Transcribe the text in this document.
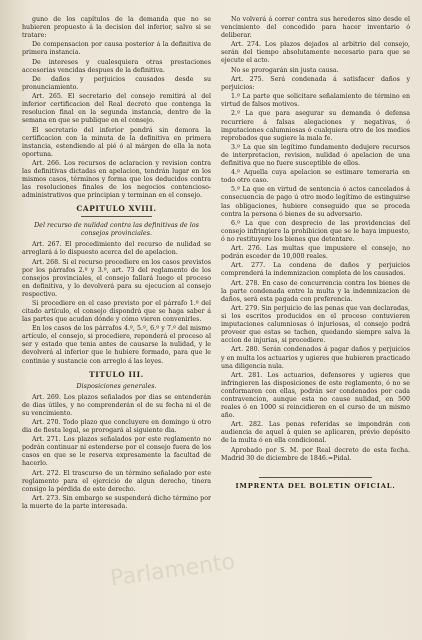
guno de los capítulos de la demanda que no se hubieren propuesto á la decision del inferior, salvo si se tratare:

De compensacion por causa posterior á la definitiva de primera instancia.

De intereses y cualesquiera otras prestaciones accesorias vencidas despues de la definitiva.

De daños y perjuicios causados desde su pronunciamiento.

Art. 265. El secretario del consejo remitirá al del inferior certificacion del Real decreto que contenga la resolucion final en la segunda instancia, dentro de la semana en que se publique en el consejo.

El secretario del inferior pondrá sin demora la certificacion con la minuta de la definitiva en primera instancia, estendiendo al pié ó al márgen de ella la nota oportuna.

Art. 266. Los recursos de aclaracion y revision contra las definitivas dictadas en apelacion, tendrán lugar en los mismos casos, términos y forma que los deducidos contra las resoluciones finales de los negocios contencioso-administrativos que principian y terminan en el consejo.

CAPITULO XVIII.
Del recurso de nulidad contra las definitivas de los consejos provinciales.

Art. 267. El procedimiento del recurso de nulidad se arreglará á lo dispuesto acerca del de apelacion.

Art. 268. Si el recurso procediere en los casos previstos por los párrafos 2.º y 3.º, art. 73 del reglamento de los consejos provinciales, el consejo fallará luego el proceso en definitiva, y lo devolverá para su ejecucion al consejo respectivo.

Si procediere en el caso previsto por el párrafo 1.º del citado artículo, el consejo dispondrá que se haga saber á las partes que acudan dónde y cómo vieren convenirles.

En los casos de los párrafos 4.º, 5.º, 6.º y 7.º del mismo artículo, el consejo, si procediere, reponderá el proceso al ser y estado que tenia antes de causarse la nulidad, y le devolverá al inferior que le hubiere formado, para que le continúe y sustancie con arreglo á las leyes.

TITULO III.
Disposiciones generales.

Art. 269. Los plazos señalados por dias se entenderán de dias útiles, y no comprenderán el de su fecha ni el de su vencimiento.

Art. 270. Todo plazo que concluyere en domingo ú otro dia de fiesta legal, se prorogará al siguiente dia.

Art. 271. Los plazos señalados por este reglamento no podrán continuar ni estenderse por el consejo fuera de los casos en que se le reserva expresamente la facultad de hacerlo.

Art. 272. El trascurso de un término señalado por este reglamento para el ejercicio de algun derecho, tinera consigo la pérdida de este derecho.

Art. 273. Sin embargo se suspenderá dicho término por la muerte de la parte interesada.

No volverá á correr contra sus herederos sino desde el vencimiento del concedido para hacer inventario ó deliberar.

Art. 274. Los plazos dejados al arbitrio del consejo, serán del tiempo absolutamente necesario para que se ejecute el acto.

No se prorogarán sin justa causa.

Art. 275. Será condenada á satisfacer daños y perjuicios:

1.º La parte que solicitare señalamiento de término en virtud de falsos motivos.

2.º La que para asegurar su demanda ó defensa recurriere á falsas alegaciones y negativas, ó imputaciones calumniosas ó cualquiera otro de los medios reprobados que sugiere la mala fe.

3.º La que sin legítimo fundamento dedujere recursos de interpretacion, revision, nulidad ó apelacion de una definitiva que no fuere susceptible de ellos.

4.º Aquella cuya apelacion se estimare temeraria en todo otro caso.

5.º La que en virtud de sentencia ó actos cancelados á consecuencia de pago ú otro modo legítimo de estinguirse las obligaciones, hubiere conseguido que se proceda contra la persona ó bienes de su adversario.

6.º La que con desprecio de las providencias del consejo infringiere la prohibicion que se le haya impuesto, ó no restituyere los bienes que detentare.

Art. 276. Las multas que impusiere el consejo, no podrán esceder de 10,000 reales.

Art. 277. La condena de daños y perjuicios comprenderá la indemnizacion completa de los causados.

Art. 278. En caso de concurrencia contra los bienes de la parte condenada entre la multa y la indemnizacion de daños, será esta pagada con preferencia.

Art. 279. Sin perjuicio de las penas que van declaradas, si los escritos producidos en el proceso contuvieren imputaciones calumniosas ó injuriosas, el consejo podrá proveer que estas se tachen, quedando siempre salva la accion de injurias, si procediere.

Art. 280. Serán condenados á pagar daños y perjuicios y en multa los actuarios y ugieres que hubieren practicado una diligencia nula.

Art. 281. Los actuarios, defensores y ugieres que infringieren las disposiciones de este reglamento, ó no se conformaren con ellas, podrán ser condenados por cada contravencion, aunque esta no cause nulidad, en 500 reales ó en 1000 si reincidieren en el curso de un mismo año.

Art. 282. Las penas referidas se impondrán con audiencia de aquel á quien se aplicaren, prévio depósito de la multa ó en ella condicional.

Aprobado por S. M. por Real decreto de esta fecha. Madrid 30 de diciembre de 1846.=Pidal.

IMPRENTA DEL BOLETIN OFICIAL.
Parlamento
